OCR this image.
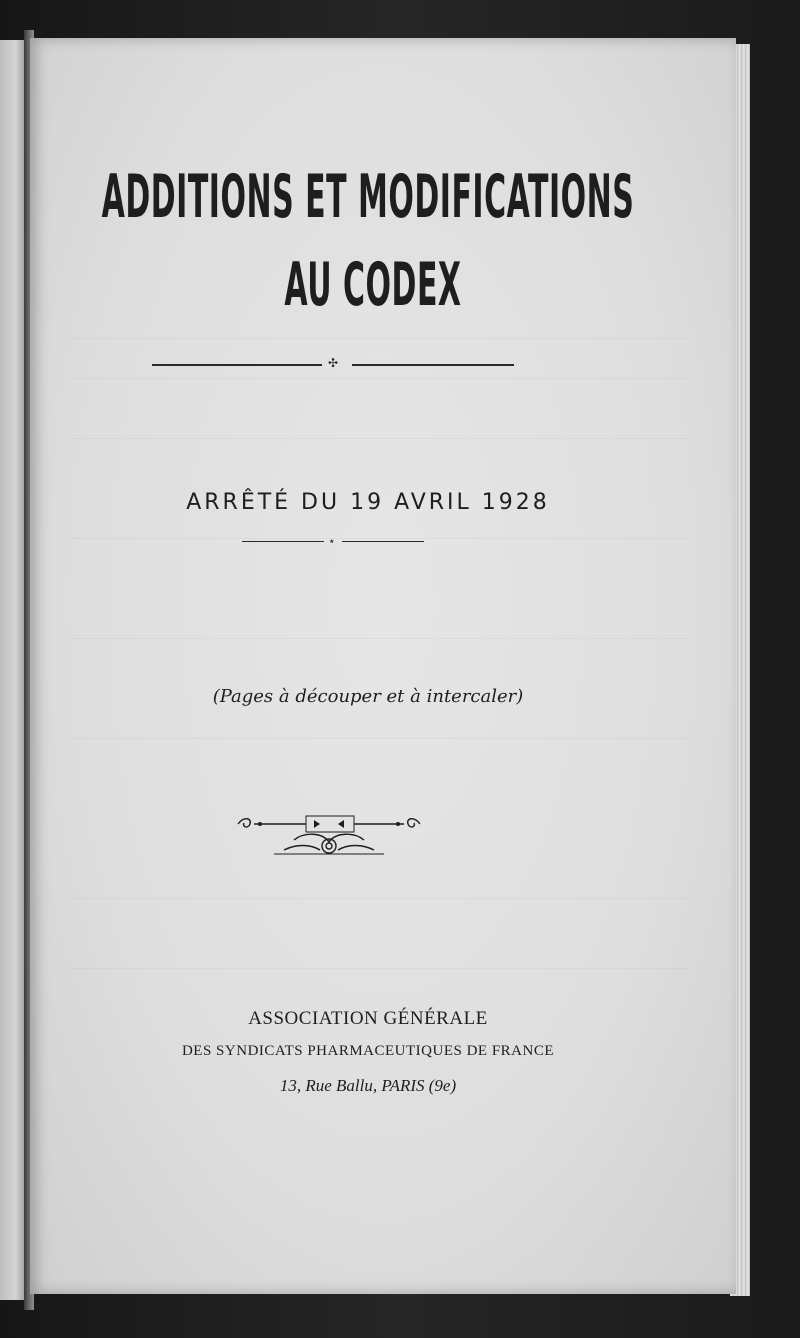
ADDITIONS ET MODIFICATIONS
AU CODEX
✣
ARRÊTÉ DU 19 AVRIL 1928
⋆
(Pages à découper et à intercaler)
ASSOCIATION GÉNÉRALE
DES SYNDICATS PHARMACEUTIQUES DE FRANCE
13, Rue Ballu, PARIS (9e)
